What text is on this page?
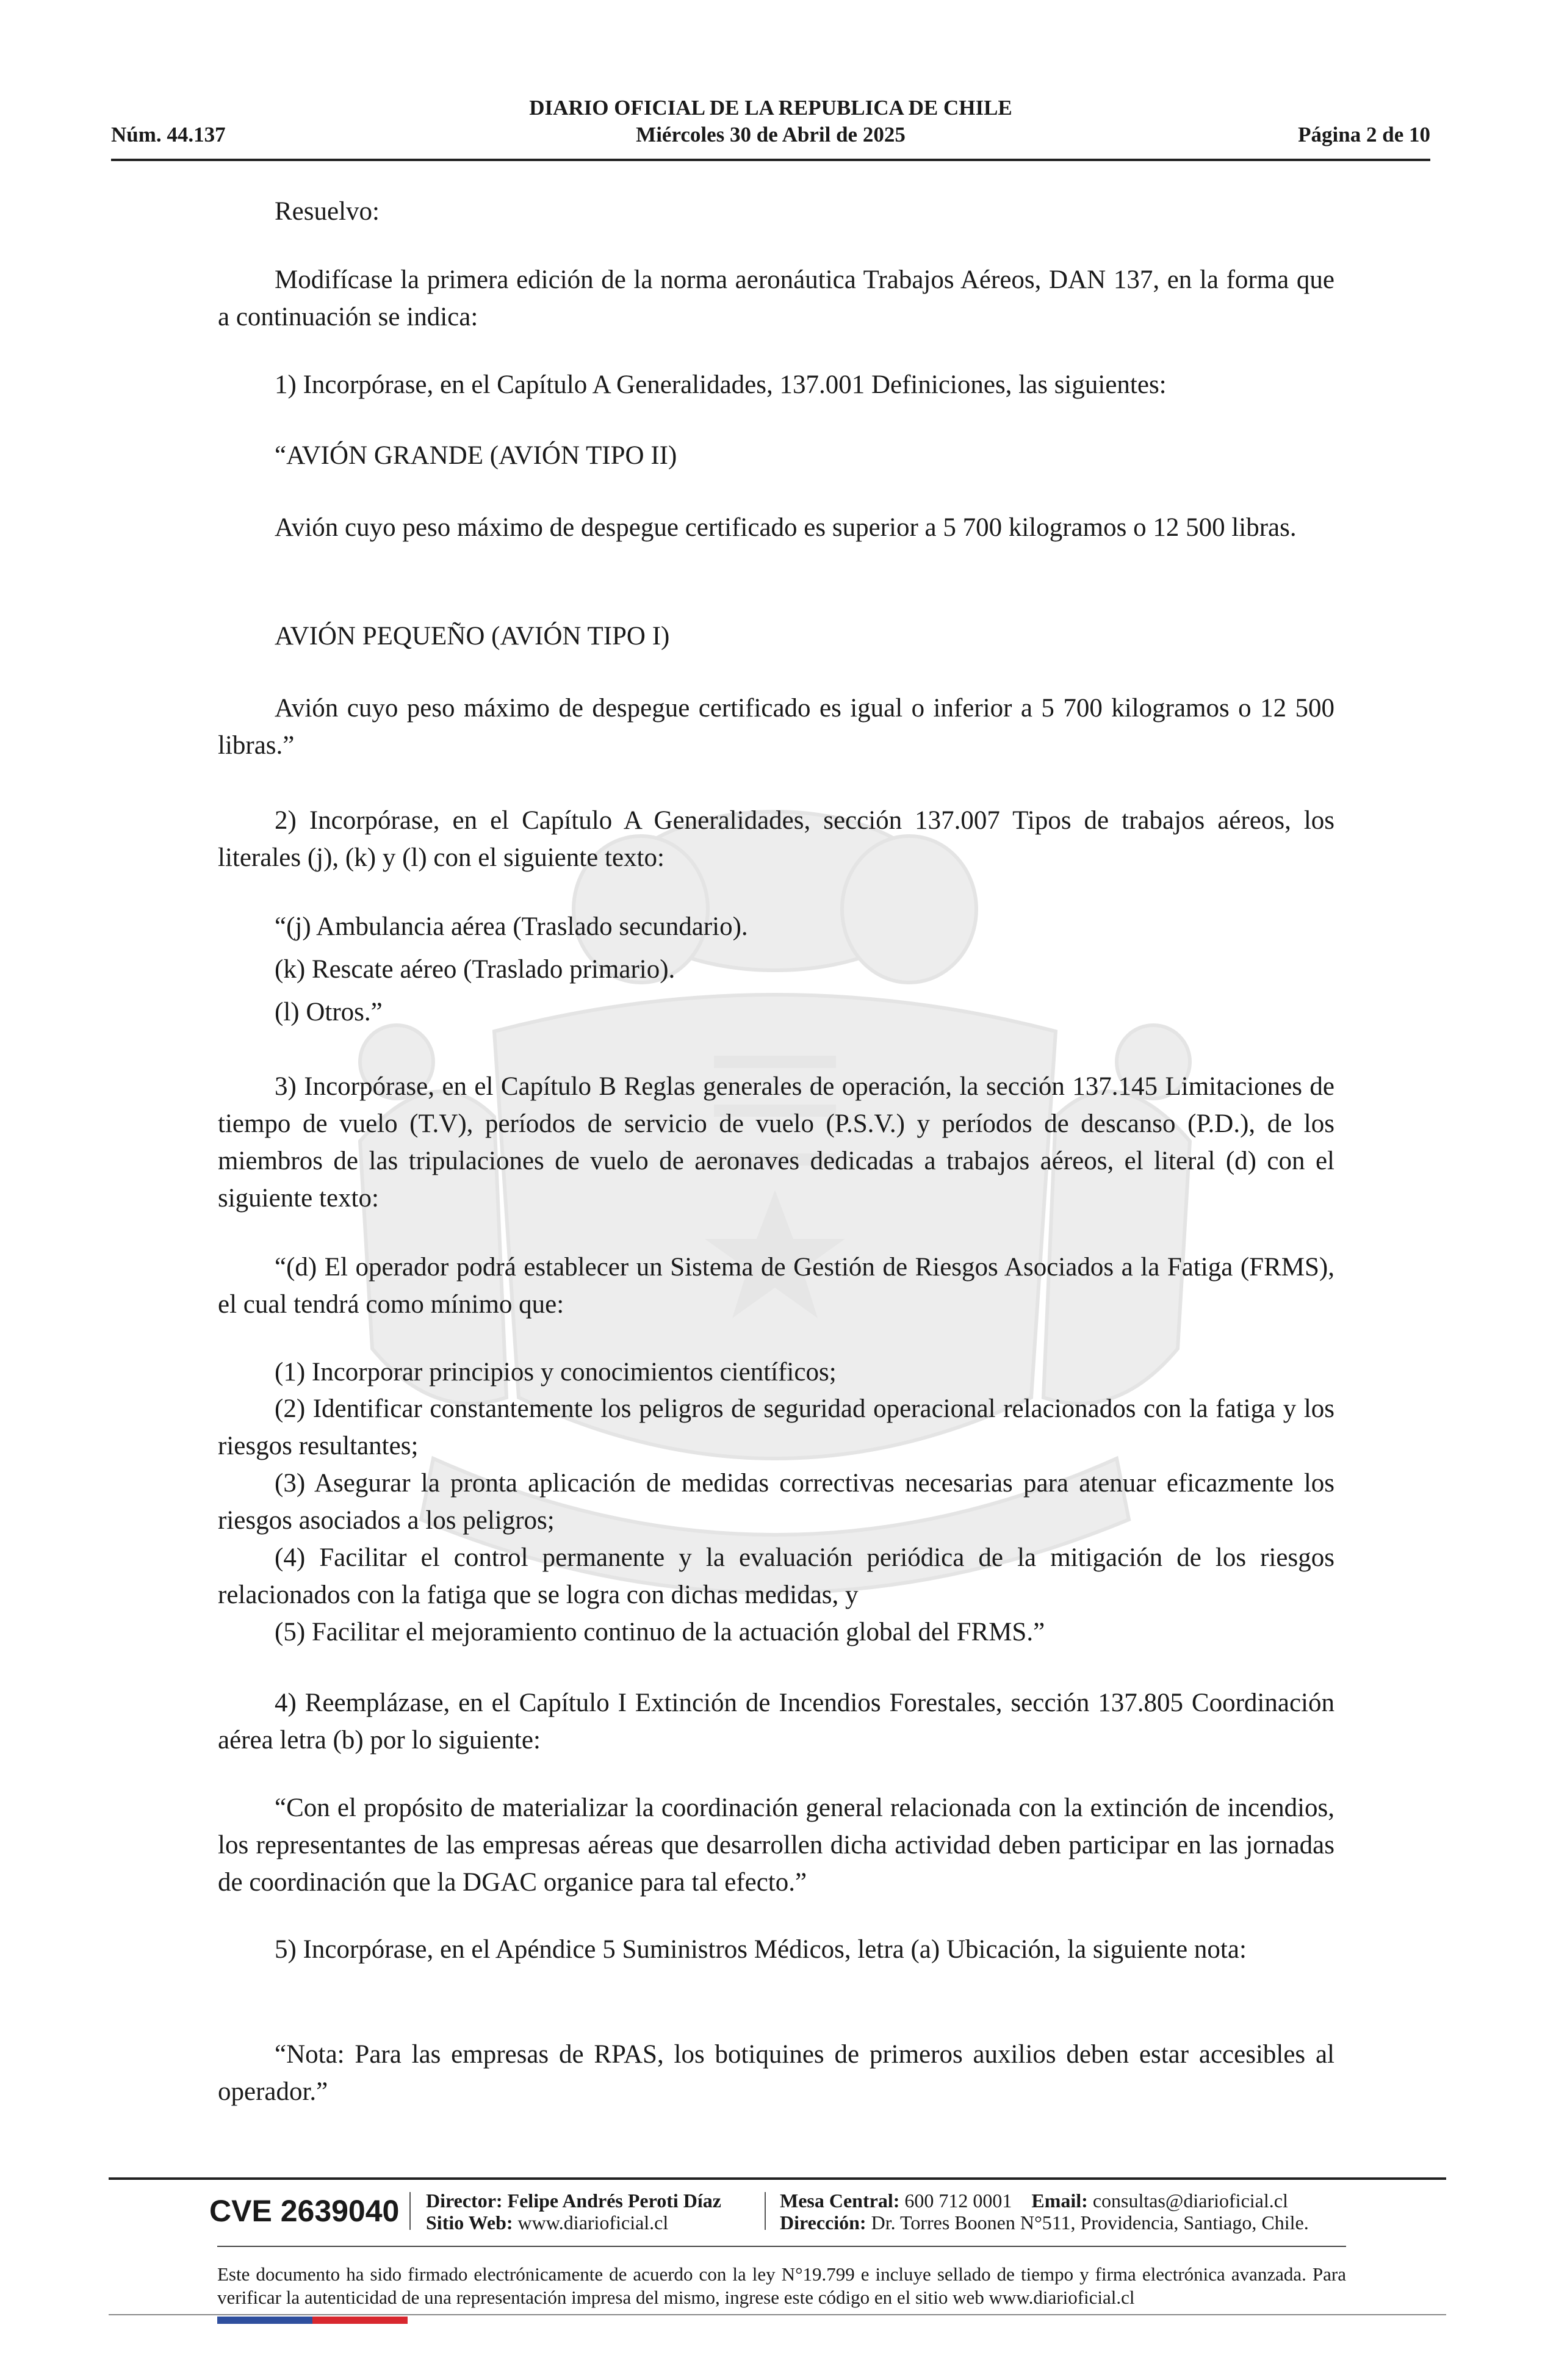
DIARIO OFICIAL DE LA REPUBLICA DE CHILE
Núm. 44.137	Miércoles 30 de Abril de 2025	Página 2 de 10

Resuelvo:

Modifícase la primera edición de la norma aeronáutica Trabajos Aéreos, DAN 137, en la forma que a continuación se indica:

1) Incorpórase, en el Capítulo A Generalidades, 137.001 Definiciones, las siguientes:

“AVIÓN GRANDE (AVIÓN TIPO II)

Avión cuyo peso máximo de despegue certificado es superior a 5 700 kilogramos o 12 500 libras.

AVIÓN PEQUEÑO (AVIÓN TIPO I)

Avión cuyo peso máximo de despegue certificado es igual o inferior a 5 700 kilogramos o 12 500 libras.”

2) Incorpórase, en el Capítulo A Generalidades, sección 137.007 Tipos de trabajos aéreos, los literales (j), (k) y (l) con el siguiente texto:

“(j) Ambulancia aérea (Traslado secundario).

(k) Rescate aéreo (Traslado primario).

(l) Otros.”

3) Incorpórase, en el Capítulo B Reglas generales de operación, la sección 137.145 Limitaciones de tiempo de vuelo (T.V), períodos de servicio de vuelo (P.S.V.) y períodos de descanso (P.D.), de los miembros de las tripulaciones de vuelo de aeronaves dedicadas a trabajos aéreos, el literal (d) con el siguiente texto:

“(d) El operador podrá establecer un Sistema de Gestión de Riesgos Asociados a la Fatiga (FRMS), el cual tendrá como mínimo que:

(1) Incorporar principios y conocimientos científicos;

(2) Identificar constantemente los peligros de seguridad operacional relacionados con la fatiga y los riesgos resultantes;

(3) Asegurar la pronta aplicación de medidas correctivas necesarias para atenuar eficazmente los riesgos asociados a los peligros;

(4) Facilitar el control permanente y la evaluación periódica de la mitigación de los riesgos relacionados con la fatiga que se logra con dichas medidas, y

(5) Facilitar el mejoramiento continuo de la actuación global del FRMS.”

4) Reemplázase, en el Capítulo I Extinción de Incendios Forestales, sección 137.805 Coordinación aérea letra (b) por lo siguiente:

“Con el propósito de materializar la coordinación general relacionada con la extinción de incendios, los representantes de las empresas aéreas que desarrollen dicha actividad deben participar en las jornadas de coordinación que la DGAC organice para tal efecto.”

5) Incorpórase, en el Apéndice 5 Suministros Médicos, letra (a) Ubicación, la siguiente nota:

“Nota: Para las empresas de RPAS, los botiquines de primeros auxilios deben estar accesibles al operador.”

CVE 2639040 Director: Felipe Andrés Peroti Díaz
Sitio Web: www.diarioficial.cl
Mesa Central: 600 712 0001 Email: consultas@diarioficial.cl
Dirección: Dr. Torres Boonen N°511, Providencia, Santiago, Chile.
Este documento ha sido firmado electrónicamente de acuerdo con la ley N°19.799 e incluye sellado de tiempo y firma electrónica avanzada. Para verificar la autenticidad de una representación impresa del mismo, ingrese este código en el sitio web www.diarioficial.cl
